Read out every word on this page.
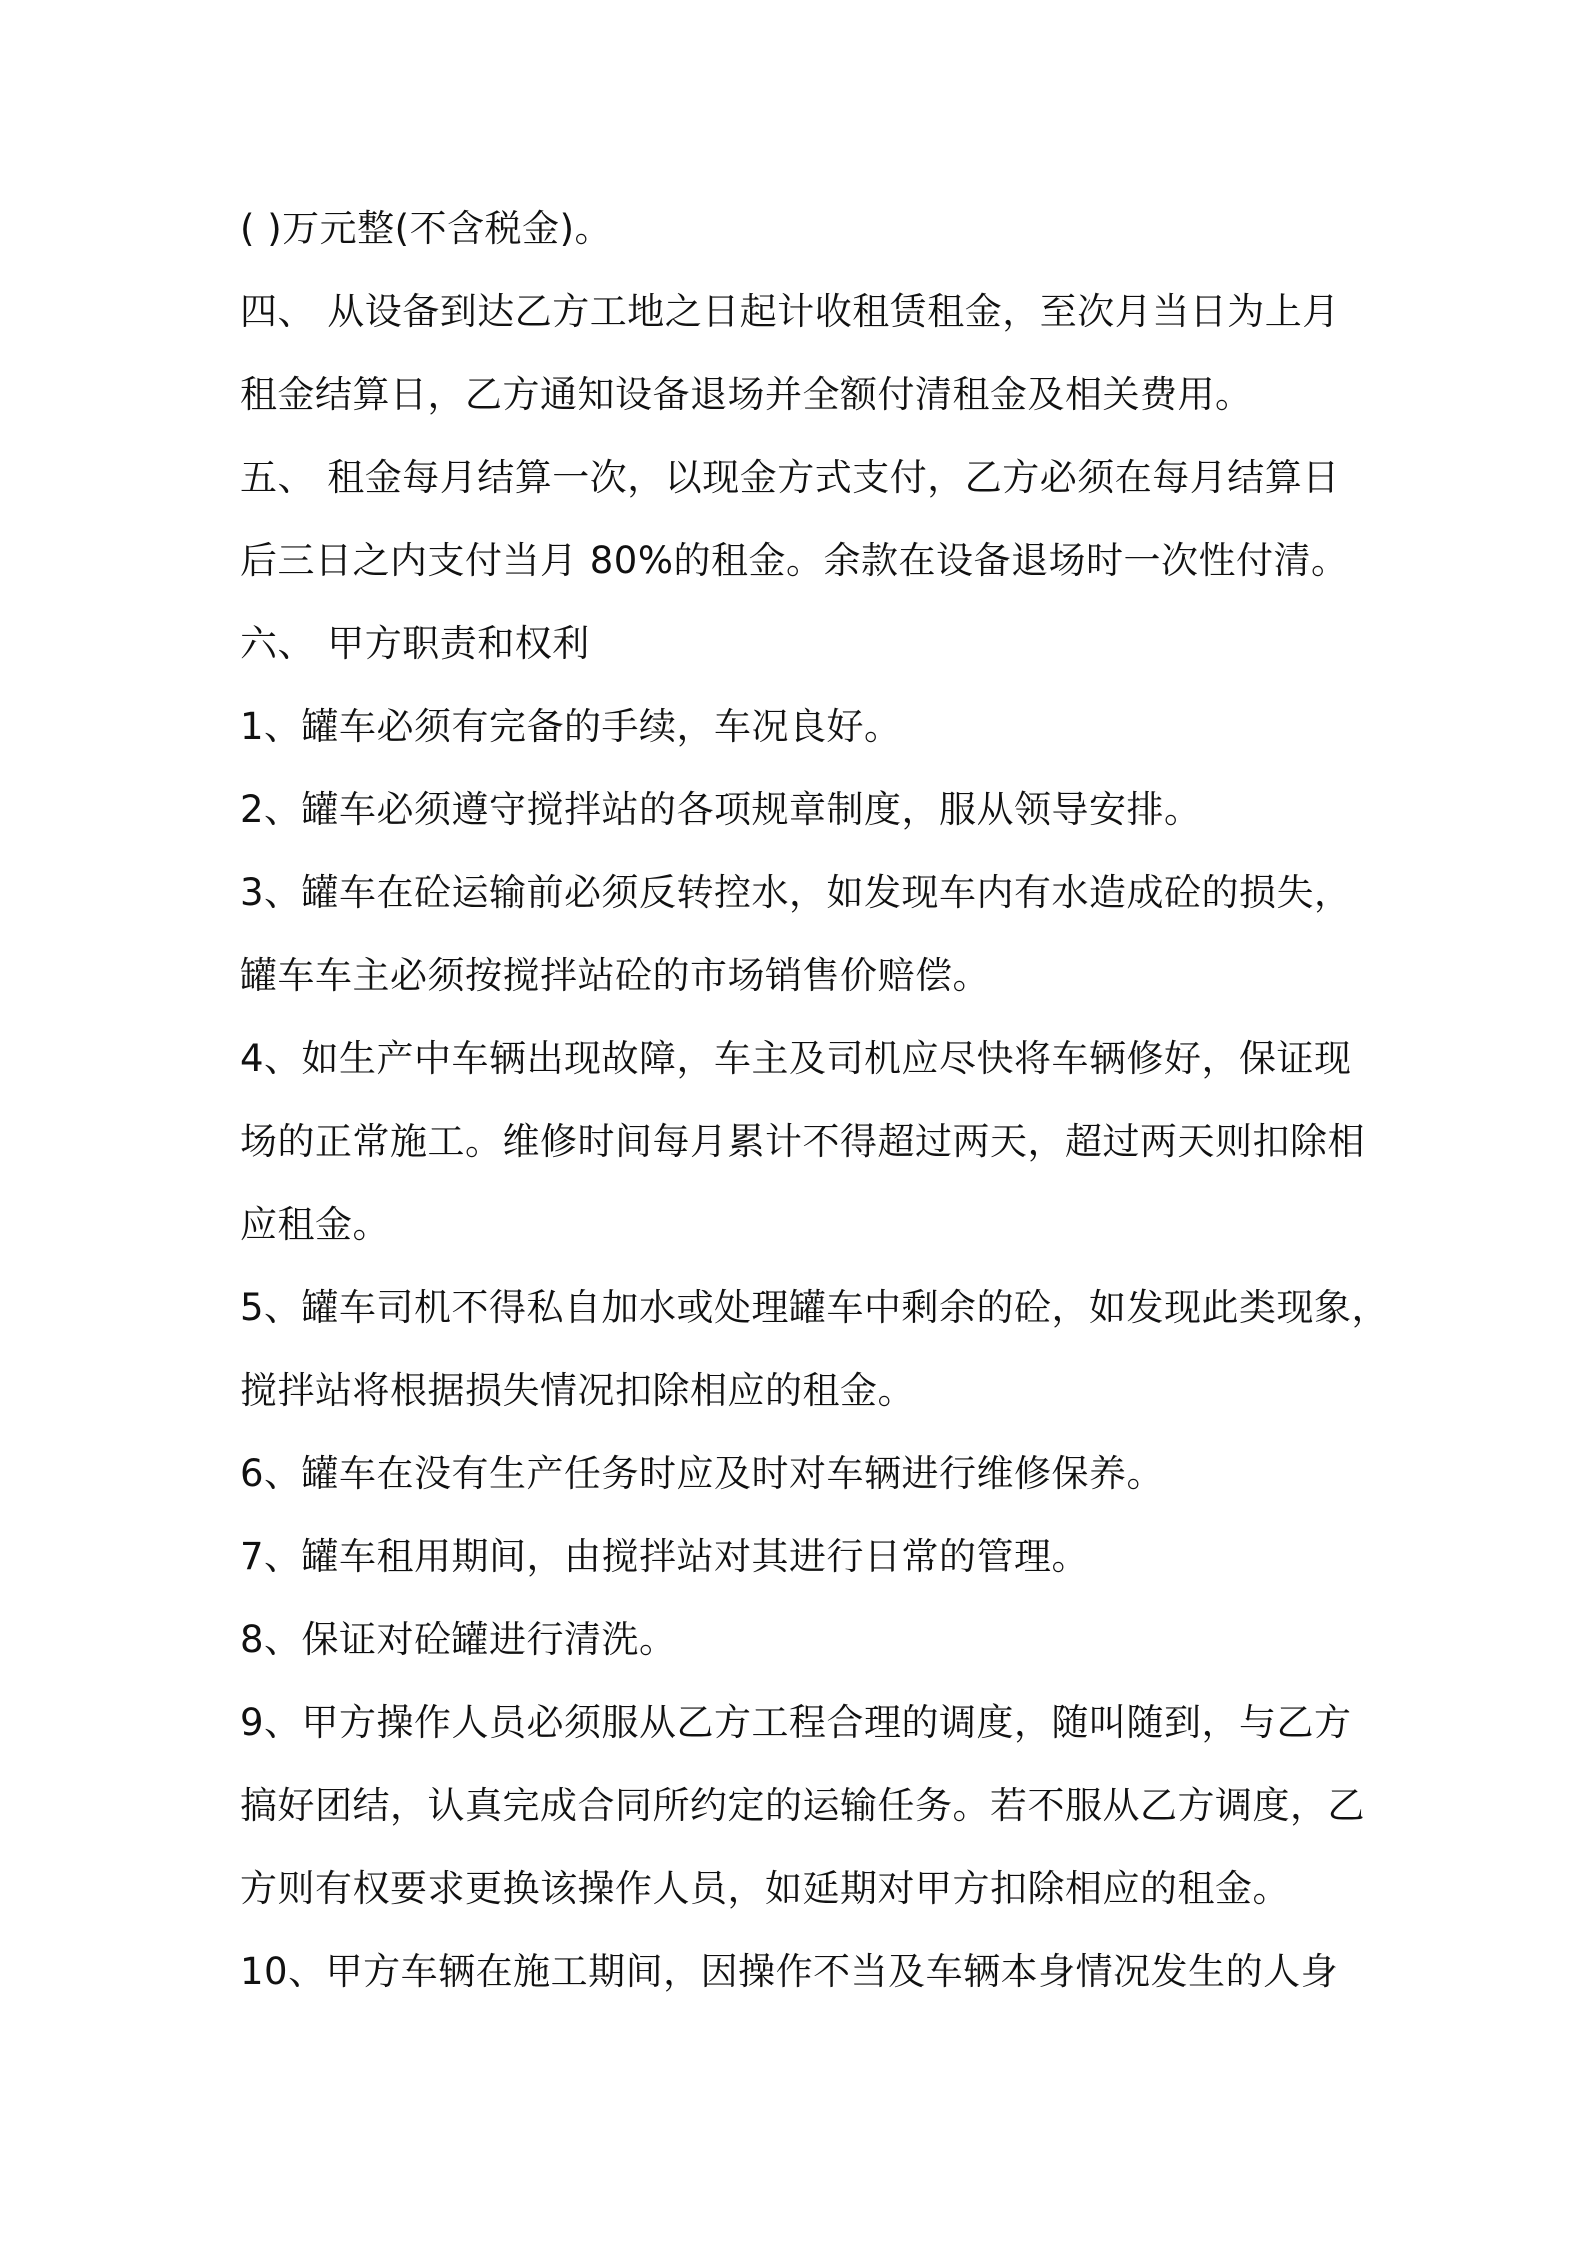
( )万元整(不含税金)。
四、 从设备到达乙方工地之日起计收租赁租金，至次月当日为上月
租金结算日，乙方通知设备退场并全额付清租金及相关费用。
五、 租金每月结算一次，以现金方式支付，乙方必须在每月结算日
后三日之内支付当月 80%的租金。余款在设备退场时一次性付清。
六、 甲方职责和权利
1、罐车必须有完备的手续，车况良好。
2、罐车必须遵守搅拌站的各项规章制度，服从领导安排。
3、罐车在砼运输前必须反转控水，如发现车内有水造成砼的损失，
罐车车主必须按搅拌站砼的市场销售价赔偿。
4、如生产中车辆出现故障，车主及司机应尽快将车辆修好，保证现
场的正常施工。维修时间每月累计不得超过两天，超过两天则扣除相
应租金。
5、罐车司机不得私自加水或处理罐车中剩余的砼，如发现此类现象，
搅拌站将根据损失情况扣除相应的租金。
6、罐车在没有生产任务时应及时对车辆进行维修保养。
7、罐车租用期间，由搅拌站对其进行日常的管理。
8、保证对砼罐进行清洗。
9、甲方操作人员必须服从乙方工程合理的调度，随叫随到，与乙方
搞好团结，认真完成合同所约定的运输任务。若不服从乙方调度，乙
方则有权要求更换该操作人员，如延期对甲方扣除相应的租金。
10、甲方车辆在施工期间，因操作不当及车辆本身情况发生的人身
